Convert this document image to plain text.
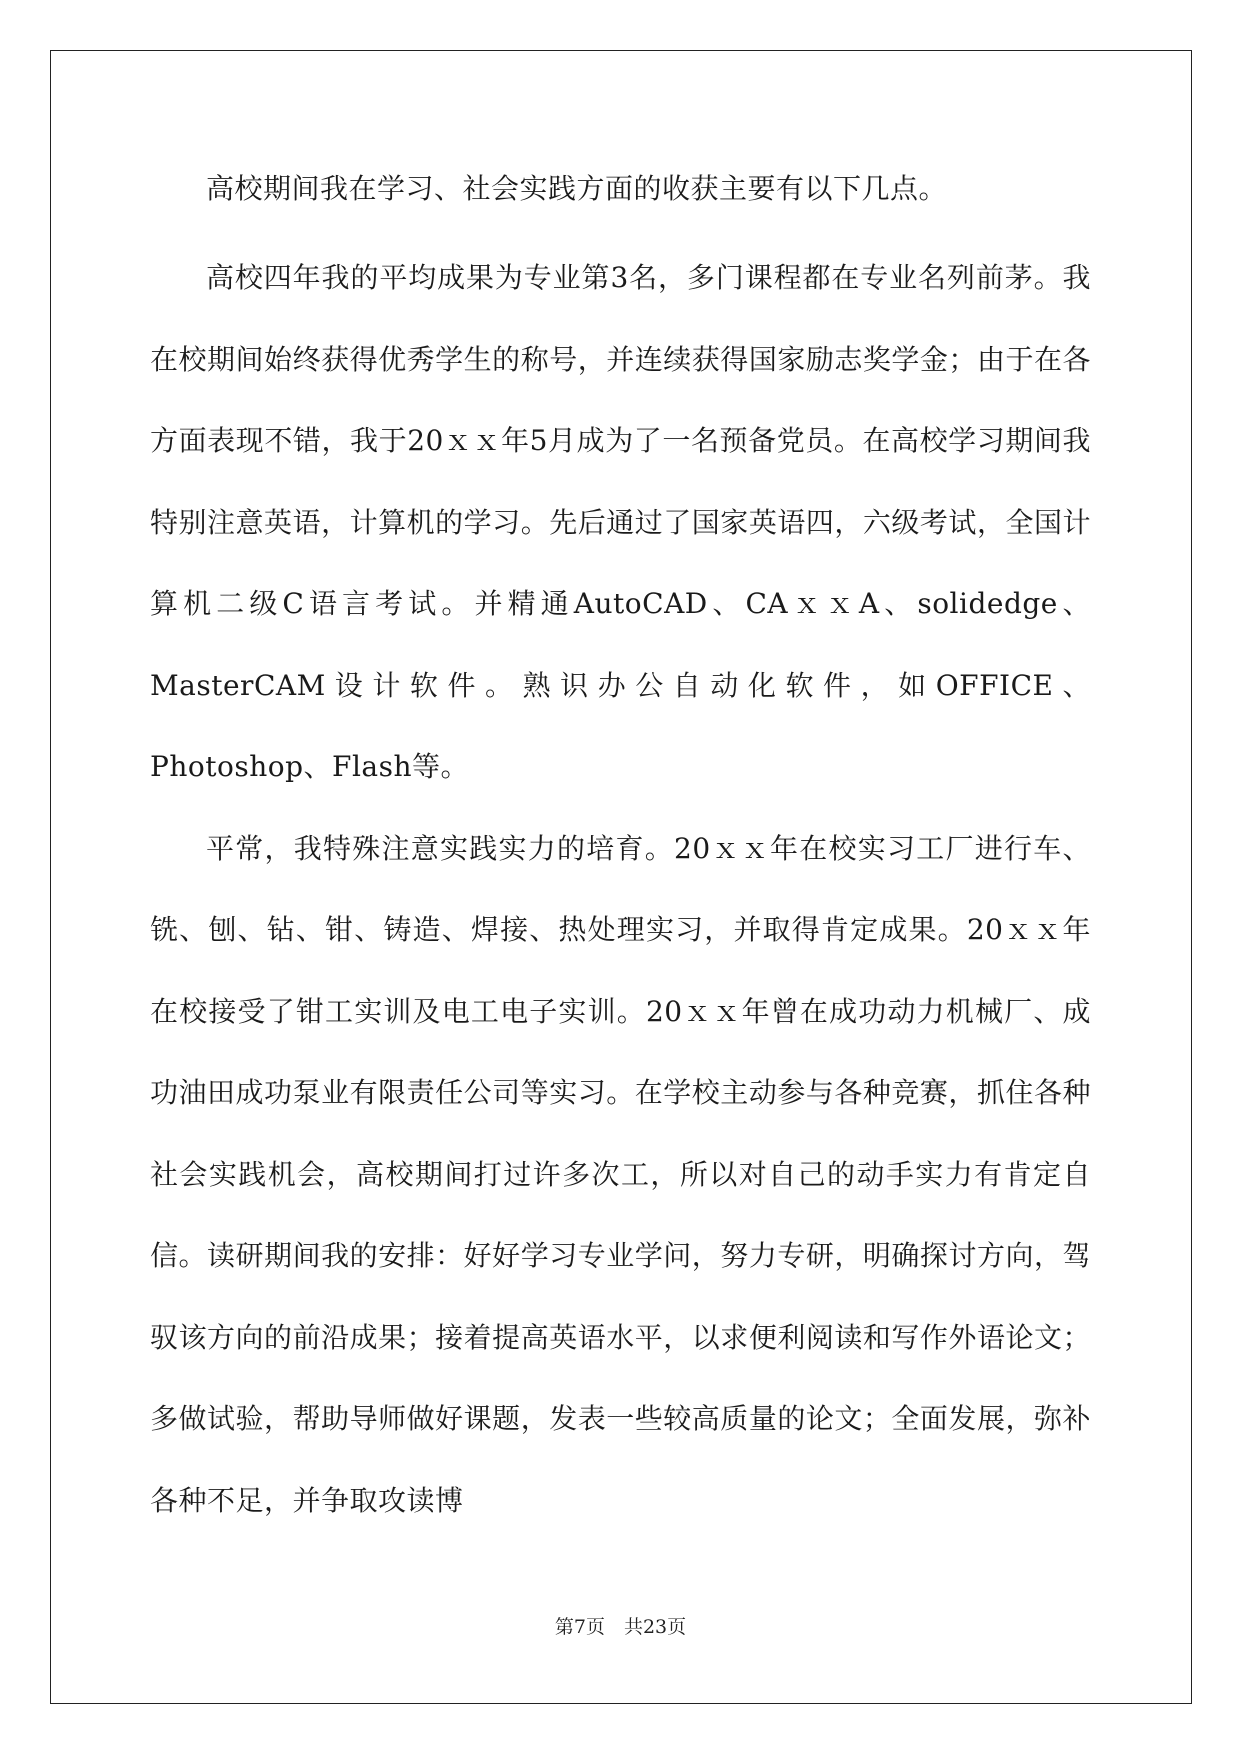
高校期间我在学习、社会实践方面的收获主要有以下几点。

高校四年我的平均成果为专业第3名，多门课程都在专业名列前茅。我在校期间始终获得优秀学生的称号，并连续获得国家励志奖学金；由于在各方面表现不错，我于20ｘｘ年5月成为了一名预备党员。在高校学习期间我特别注意英语，计算机的学习。先后通过了国家英语四，六级考试，全国计算机二级C语言考试。并精通AutoCAD、CAｘｘA、solidedge、MasterCAM设计软件。熟识办公自动化软件，如OFFICE、Photoshop、Flash等。

平常，我特殊注意实践实力的培育。20ｘｘ年在校实习工厂进行车、铣、刨、钻、钳、铸造、焊接、热处理实习，并取得肯定成果。20ｘｘ年在校接受了钳工实训及电工电子实训。20ｘｘ年曾在成功动力机械厂、成功油田成功泵业有限责任公司等实习。在学校主动参与各种竞赛，抓住各种社会实践机会，高校期间打过许多次工，所以对自己的动手实力有肯定自信。读研期间我的安排：好好学习专业学问，努力专研，明确探讨方向，驾驭该方向的前沿成果；接着提高英语水平，以求便利阅读和写作外语论文；多做试验，帮助导师做好课题，发表一些较高质量的论文；全面发展，弥补各种不足，并争取攻读博

第7页　共23页
